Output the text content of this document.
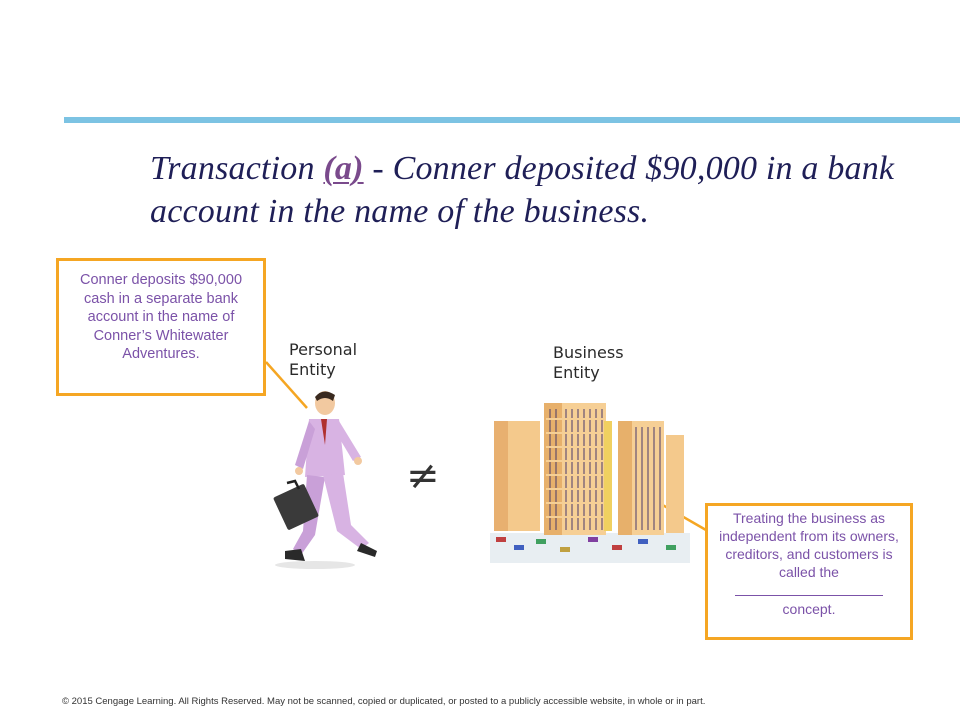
Transaction (a) - Conner deposited $90,000 in a bank account in the name of the business.
Conner deposits $90,000 cash in a separate bank account in the name of Conner’s Whitewater Adventures.
Treating the business as independent from its owners, creditors, and customers is called the

concept.
Personal
Entity
Business
Entity
≠
© 2015 Cengage Learning. All Rights Reserved. May not be scanned, copied or duplicated, or posted to a publicly accessible website, in whole or in part.
